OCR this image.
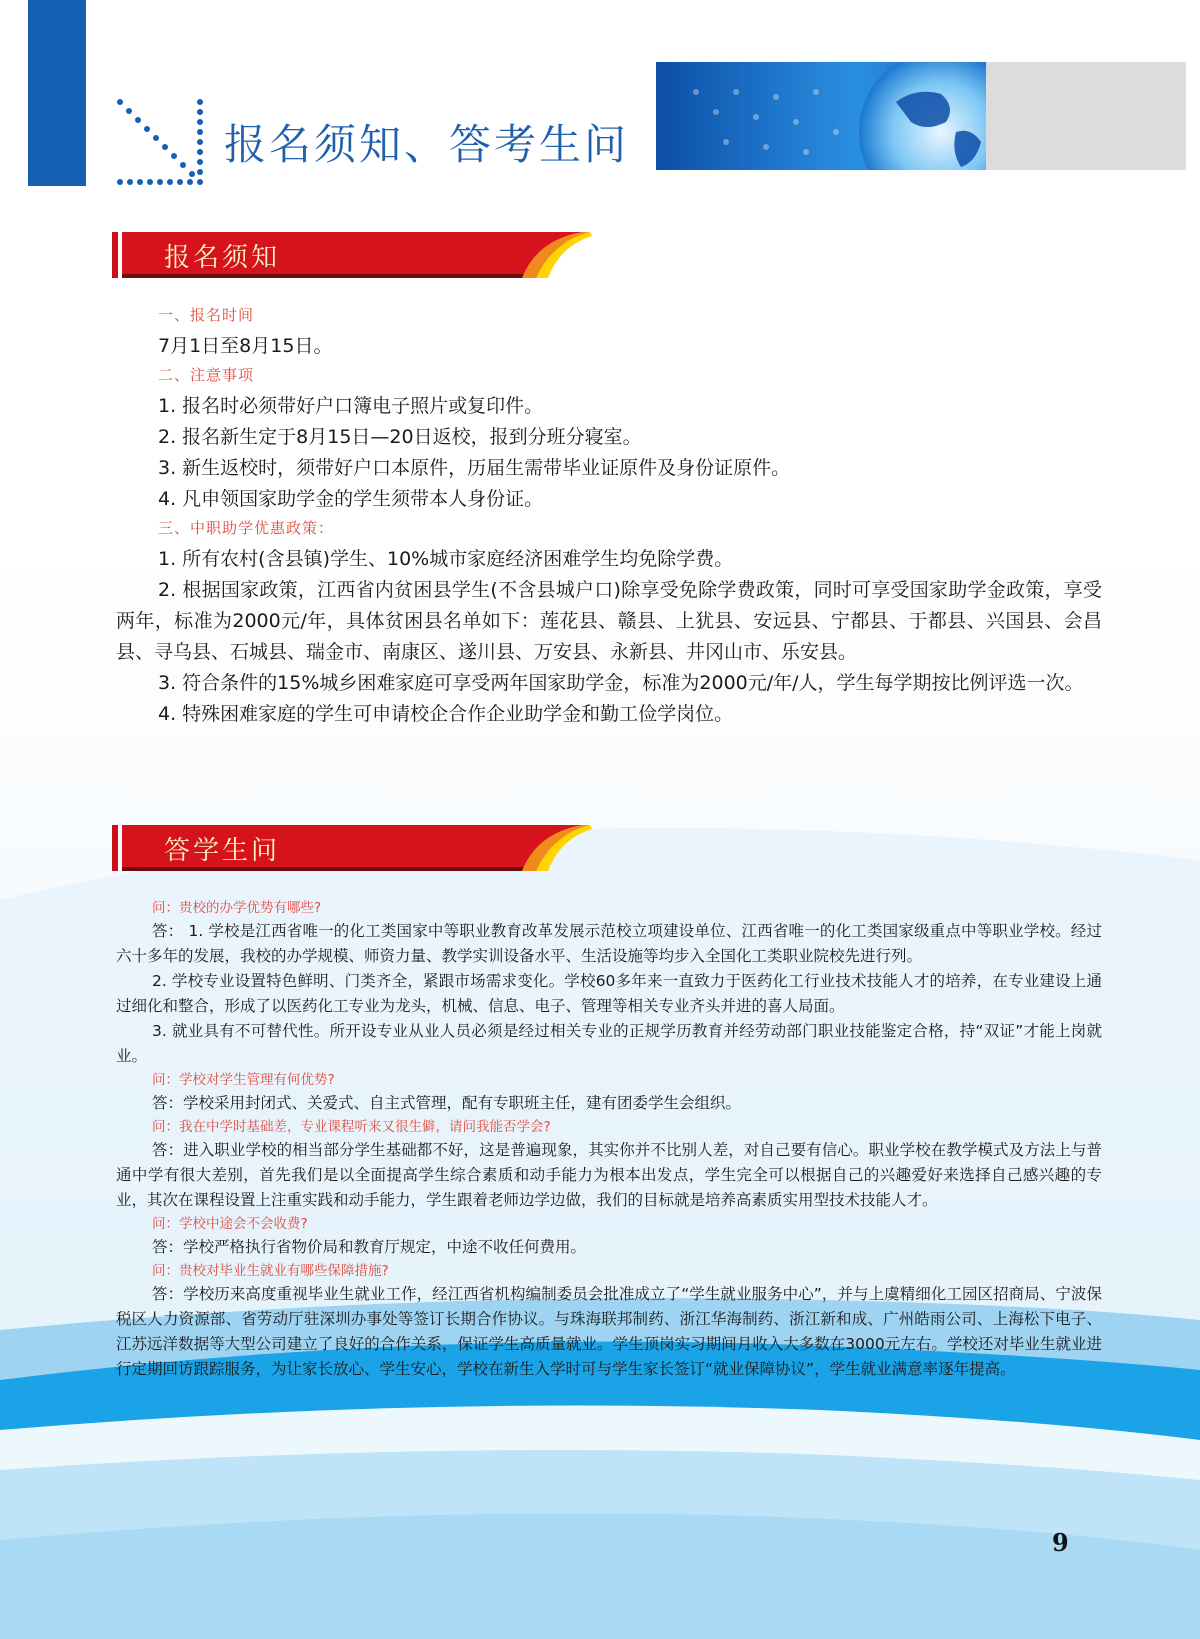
报名须知、答考生问
报名须知
一、报名时间
7月1日至8月15日。
二、注意事项
1. 报名时必须带好户口簿电子照片或复印件。
2. 报名新生定于8月15日—20日返校，报到分班分寝室。
3. 新生返校时，须带好户口本原件，历届生需带毕业证原件及身份证原件。
4. 凡申领国家助学金的学生须带本人身份证。
三、中职助学优惠政策：
1. 所有农村(含县镇)学生、10%城市家庭经济困难学生均免除学费。
2. 根据国家政策，江西省内贫困县学生(不含县城户口)除享受免除学费政策，同时可享受国家助学金政策，享受两年，标准为2000元/年，具体贫困县名单如下：莲花县、赣县、上犹县、安远县、宁都县、于都县、兴国县、会昌县、寻乌县、石城县、瑞金市、南康区、遂川县、万安县、永新县、井冈山市、乐安县。
3. 符合条件的15%城乡困难家庭可享受两年国家助学金，标准为2000元/年/人，学生每学期按比例评选一次。
4. 特殊困难家庭的学生可申请校企合作企业助学金和勤工俭学岗位。
答学生问
问：贵校的办学优势有哪些?
答： 1. 学校是江西省唯一的化工类国家中等职业教育改革发展示范校立项建设单位、江西省唯一的化工类国家级重点中等职业学校。经过六十多年的发展，我校的办学规模、师资力量、教学实训设备水平、生活设施等均步入全国化工类职业院校先进行列。
2. 学校专业设置特色鲜明、门类齐全，紧跟市场需求变化。学校60多年来一直致力于医药化工行业技术技能人才的培养，在专业建设上通过细化和整合，形成了以医药化工专业为龙头，机械、信息、电子、管理等相关专业齐头并进的喜人局面。
3. 就业具有不可替代性。所开设专业从业人员必须是经过相关专业的正规学历教育并经劳动部门职业技能鉴定合格，持“双证”才能上岗就业。
问：学校对学生管理有何优势?
答：学校采用封闭式、关爱式、自主式管理，配有专职班主任，建有团委学生会组织。
问：我在中学时基础差，专业课程听来又很生僻，请问我能否学会?
答：进入职业学校的相当部分学生基础都不好，这是普遍现象，其实你并不比别人差，对自己要有信心。职业学校在教学模式及方法上与普通中学有很大差别，首先我们是以全面提高学生综合素质和动手能力为根本出发点，学生完全可以根据自己的兴趣爱好来选择自己感兴趣的专业，其次在课程设置上注重实践和动手能力，学生跟着老师边学边做，我们的目标就是培养高素质实用型技术技能人才。
问：学校中途会不会收费?
答：学校严格执行省物价局和教育厅规定，中途不收任何费用。
问：贵校对毕业生就业有哪些保障措施?
答：学校历来高度重视毕业生就业工作，经江西省机构编制委员会批准成立了“学生就业服务中心”，并与上虞精细化工园区招商局、宁波保税区人力资源部、省劳动厅驻深圳办事处等签订长期合作协议。与珠海联邦制药、浙江华海制药、浙江新和成、广州皓雨公司、上海松下电子、江苏远洋数据等大型公司建立了良好的合作关系，保证学生高质量就业。学生顶岗实习期间月收入大多数在3000元左右。学校还对毕业生就业进行定期回访跟踪服务，为让家长放心、学生安心，学校在新生入学时可与学生家长签订“就业保障协议”，学生就业满意率逐年提高。
9
